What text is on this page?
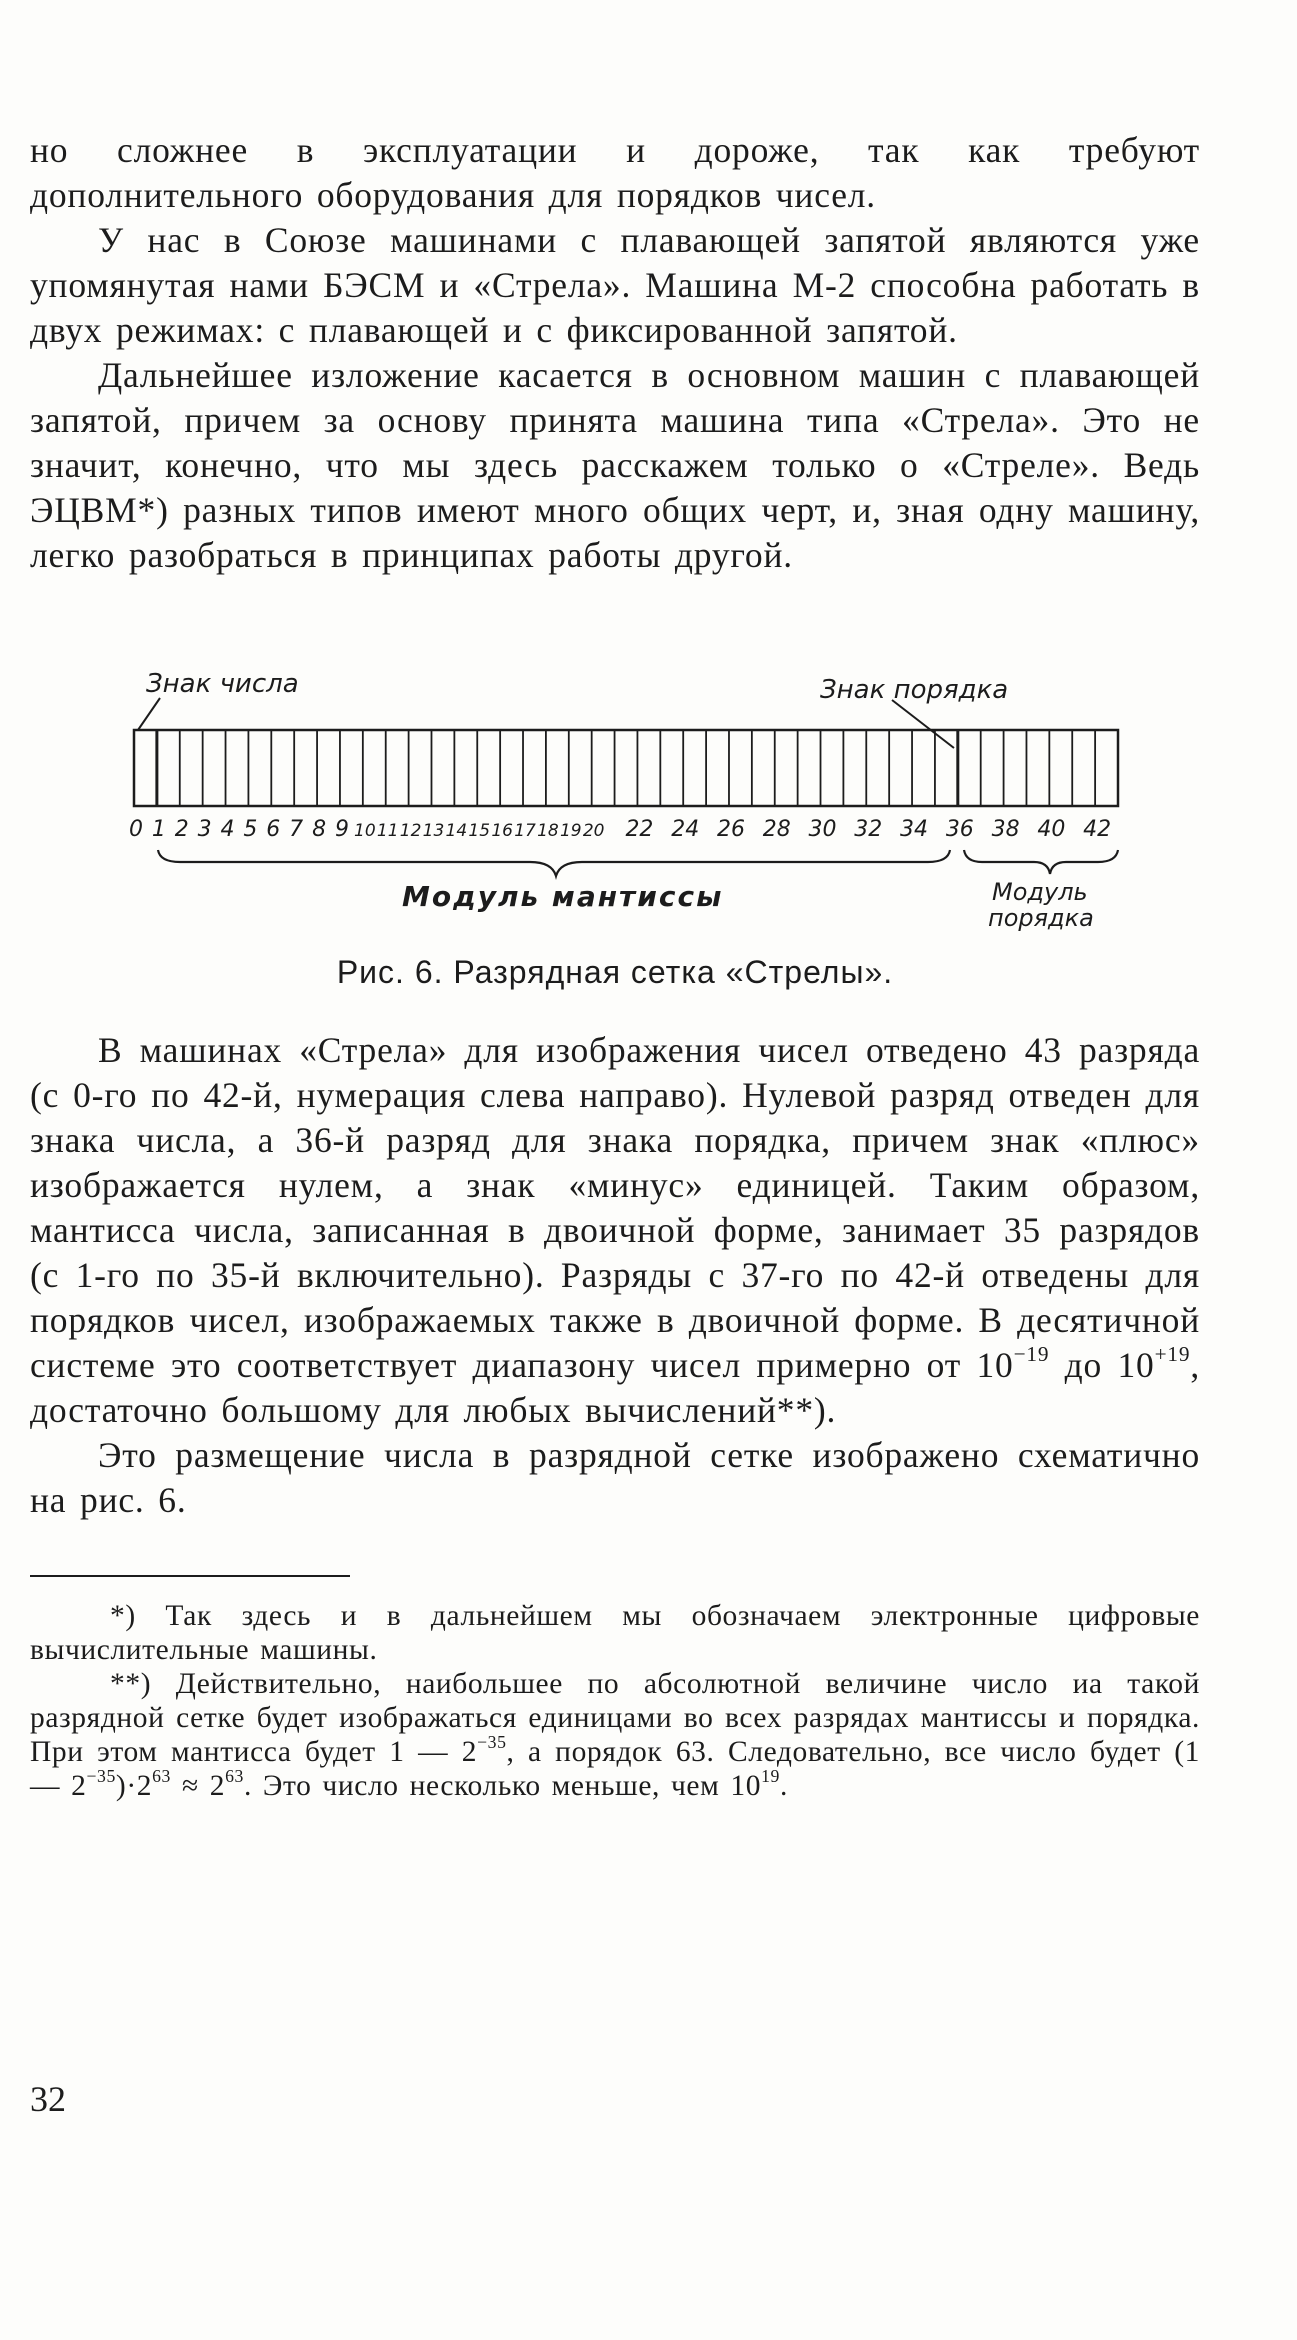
но сложнее в эксплуатации и дороже, так как требуют дополнительного оборудования для порядков чисел.

У нас в Союзе машинами с плавающей запятой являются уже упомянутая нами БЭСМ и «Стрела». Машина М-2 способна работать в двух режимах: с плавающей и с фиксированной запятой.

Дальнейшее изложение касается в основном машин с плавающей запятой, причем за основу принята машина типа «Стрела». Это не значит, конечно, что мы здесь расскажем только о «Стреле». Ведь ЭЦВМ*) разных типов имеют много общих черт, и, зная одну машину, легко разобраться в принципах работы другой.

0 1 2 3 4 5 6 7 8 9 10 11 12 13 14 15 16 17 18 19 20 22 24 26 28 30 32 34 36 38 40 42
Знак числа	Знак порядка
Модуль мантиссы	Модуль
порядка
Рис. 6. Разрядная сетка «Стрелы».

В машинах «Стрела» для изображения чисел отведено 43 разряда (с 0-го по 42-й, нумерация слева направо). Нулевой разряд отведен для знака числа, а 36-й разряд для знака порядка, причем знак «плюс» изображается нулем, а знак «минус» единицей. Таким образом, мантисса числа, записанная в двоичной форме, занимает 35 разрядов (с 1-го по 35-й включительно). Разряды с 37-го по 42-й отведены для порядков чисел, изображаемых также в двоичной форме. В десятичной системе это соответствует диапазону чисел примерно от $10^{-19}$ до $10^{+19}$, достаточно большому для любых вычислений**).

Это размещение числа в разрядной сетке изображено схематично на рис. 6.

*) Так здесь и в дальнейшем мы обозначаем электронные цифровые вычислительные машины.

**) Действительно, наибольшее по абсолютной величине число иа такой разрядной сетке будет изображаться единицами во всех разрядах мантиссы и порядка. При этом мантисса будет 1 — $2^{-35}$, а порядок 63. Следовательно, все число будет (1 — $2^{-35})\cdot 2^{63} \approx 2^{63}$. Это число несколько меньше, чем $10^{19}$.

32
